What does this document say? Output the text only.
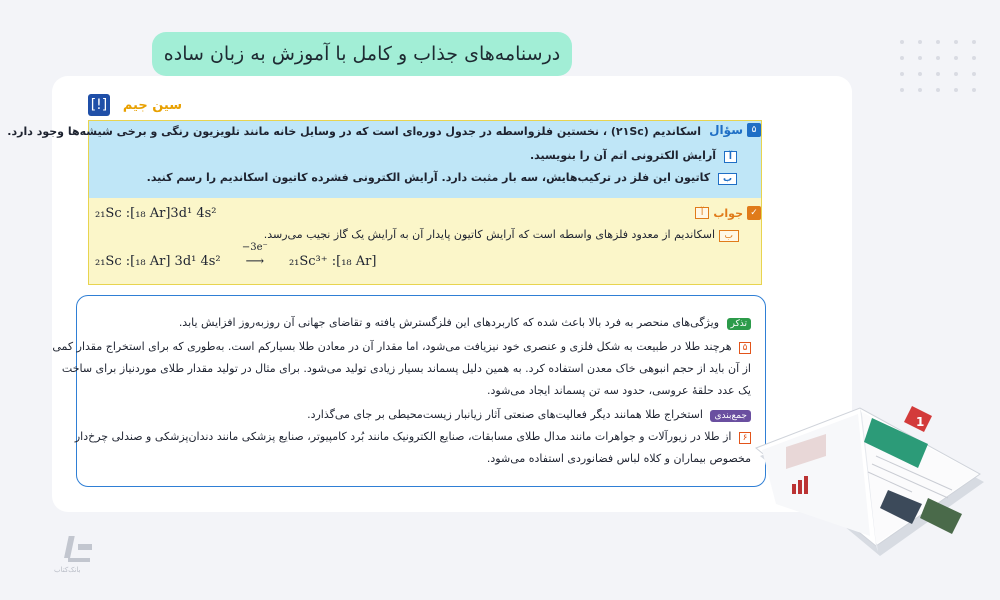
درسنامه‌های جذاب و کامل با آموزش به زبان ساده
[!] سین جیم
سؤال ۵
اسکاندیم (۲۱Sc) ، نخستین فلزواسطه در جدول دوره‌ای است که در وسایل خانه مانند تلویزیون رنگی و برخی شیشه‌ها وجود دارد.
آ آرایش الکترونی اتم آن را بنویسید.
ب کاتیون این فلز در ترکیب‌هایش، سه بار مثبت دارد. آرایش الکترونی فشرده کاتیون اسکاندیم را رسم کنید.
آ جواب ✓
₂₁Sc :[₁₈ Ar]3d¹ 4s²
ب اسکاندیم از معدود فلزهای واسطه است که آرایش کاتیون پایدار آن به آرایش یک گاز نجیب می‌رسد.
₂₁Sc :[₁₈ Ar] 3d¹ 4s²
−3e⁻
⟶ ₂₁Sc³⁺ :[₁₈ Ar]
تذکر ویژگی‌های منحصر به فرد بالا باعث شده که کاربردهای این فلزگسترش یافته و تقاضای جهانی آن روزبه‌روز افزایش یابد.
۵ هرچند طلا در طبیعت به شکل فلزی و عنصری خود نیزیافت می‌شود، اما مقدار آن در معادن طلا بسیارکم است. به‌طوری که برای استخراج مقدار کمی
از آن باید از حجم انبوهی خاک معدن استفاده کرد. به همین دلیل پسماند بسیار زیادی تولید می‌شود. برای مثال در تولید مقدار طلای موردنیاز برای ساخت
یک عدد حلقهٔ عروسی، حدود سه تن پسماند ایجاد می‌شود.
جمع‌بندی استخراج طلا همانند دیگر فعالیت‌های صنعتی آثار زیانبار زیست‌محیطی بر جای می‌گذارد.
۶ از طلا در زیورآلات و جواهرات مانند مدال طلای مسابقات، صنایع الکترونیک مانند بُرد کامپیوتر، صنایع پزشکی مانند دندان‌پزشکی و صندلی چرخ‌دار
مخصوص بیماران و کلاه لباس فضانوردی استفاده می‌شود.
1
بانک‌کتاب
